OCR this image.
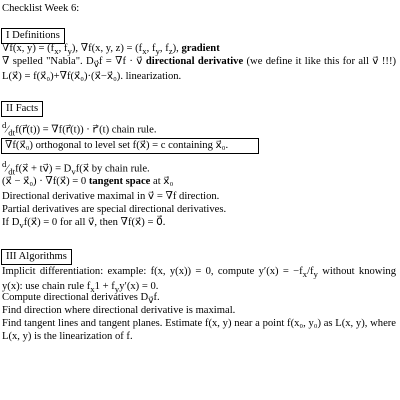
Checklist Week 6:
I Definitions
∇f(x, $y) = (f_x$, $f_y$), ∇f(x, y, $z) = (f_x$, $f_y$, $f_z$), gradient
∇ spelled "Nabla". $D_{v⃗}f = \nabla f$ · v⃗ directional derivative (we define it like this for all v⃗ !!!) L(x⃗) = f(x⃗₀)+∇f(x⃗₀)·(x⃗−x⃗₀). linearization.
II Facts
$^d⁄_{dt}f(r⃗(t))$ = ∇f(r⃗(t)) · r⃗′(t) chain rule.
∇f(x⃗₀) orthogonal to level set f(x⃗) = c containing x⃗₀.
$^d⁄_{dt}f(x⃗$ + tv⃗) = $D_vf(x⃗$ by chain rule.
(x⃗ − x⃗₀) · ∇f(x⃗) = 0 tangent space at x⃗₀
Directional derivative maximal in v⃗ = ∇f direction.
Partial derivatives are special directional derivatives.
If $D_vf(x⃗) = 0$ for all v⃗, then ∇f(x⃗) = 0⃗.
III Algorithms
Implicit differentiation: example: f(x, y(x)) = 0, compute $y'(x) = -f_x/f_y$ without knowing y(x): use chain rule $f_x1 + f_yy'(x) = 0$.
Compute directional derivatives $D_{v⃗}f$.
Find direction where directional derivative is maximal.
Find tangent lines and tangent planes. Estimate f(x, y) near a point f(x₀, y₀) as L(x, y), where L(x, y) is the linearization of f.
